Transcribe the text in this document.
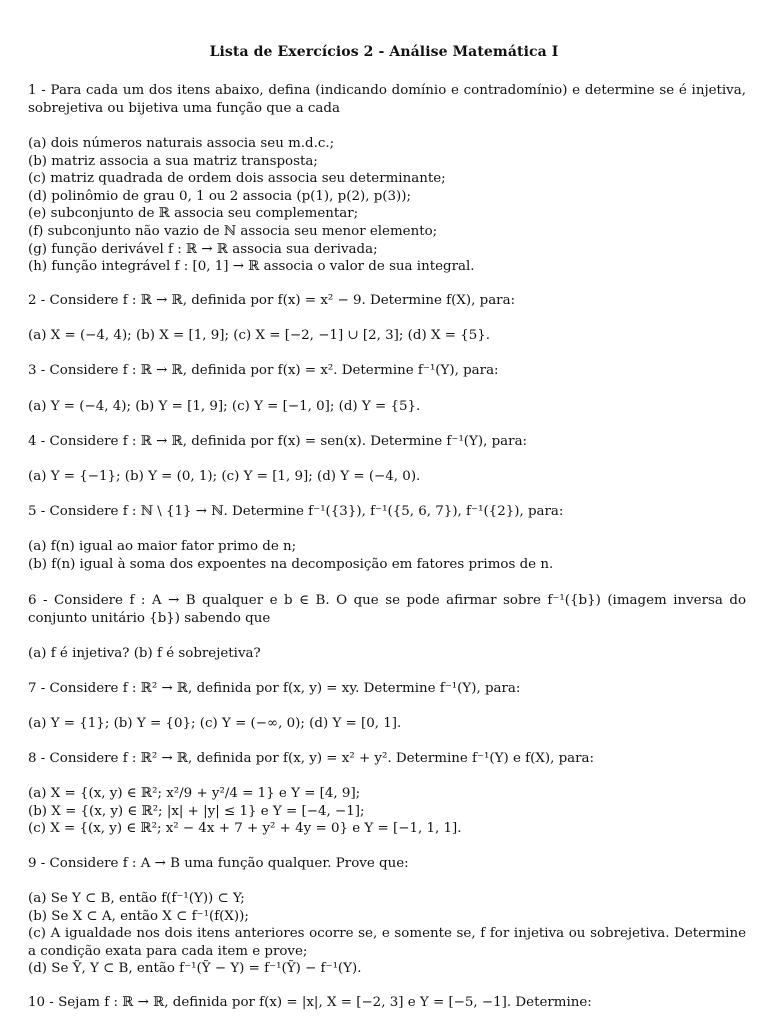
Lista de Exercícios 2 - Análise Matemática I
1 - Para cada um dos itens abaixo, defina (indicando domínio e contradomínio) e determine se é injetiva, sobrejetiva ou bijetiva uma função que a cada
(a) dois números naturais associa seu m.d.c.;
(b) matriz associa a sua matriz transposta;
(c) matriz quadrada de ordem dois associa seu determinante;
(d) polinômio de grau 0, 1 ou 2 associa (p(1), p(2), p(3));
(e) subconjunto de ℝ associa seu complementar;
(f) subconjunto não vazio de ℕ associa seu menor elemento;
(g) função derivável f : ℝ → ℝ associa sua derivada;
(h) função integrável f : [0, 1] → ℝ associa o valor de sua integral.
2 - Considere f : ℝ → ℝ, definida por f(x) = x² − 9. Determine f(X), para:
(a) X = (−4, 4); (b) X = [1, 9]; (c) X = [−2, −1] ∪ [2, 3]; (d) X = {5}.
3 - Considere f : ℝ → ℝ, definida por f(x) = x². Determine f⁻¹(Y), para:
(a) Y = (−4, 4); (b) Y = [1, 9]; (c) Y = [−1, 0]; (d) Y = {5}.
4 - Considere f : ℝ → ℝ, definida por f(x) = sen(x). Determine f⁻¹(Y), para:
(a) Y = {−1}; (b) Y = (0, 1); (c) Y = [1, 9]; (d) Y = (−4, 0).
5 - Considere f : ℕ \ {1} → ℕ. Determine f⁻¹({3}), f⁻¹({5, 6, 7}), f⁻¹({2}), para:
(a) f(n) igual ao maior fator primo de n;
(b) f(n) igual à soma dos expoentes na decomposição em fatores primos de n.
6 - Considere f : A → B qualquer e b ∈ B. O que se pode afirmar sobre f⁻¹({b}) (imagem inversa do conjunto unitário {b}) sabendo que
(a) f é injetiva? (b) f é sobrejetiva?
7 - Considere f : ℝ² → ℝ, definida por f(x, y) = xy. Determine f⁻¹(Y), para:
(a) Y = {1}; (b) Y = {0}; (c) Y = (−∞, 0); (d) Y = [0, 1].
8 - Considere f : ℝ² → ℝ, definida por f(x, y) = x² + y². Determine f⁻¹(Y) e f(X), para:
(a) X = {(x, y) ∈ ℝ²; x²/9 + y²/4 = 1} e Y = [4, 9];
(b) X = {(x, y) ∈ ℝ²; |x| + |y| ≤ 1} e Y = [−4, −1];
(c) X = {(x, y) ∈ ℝ²; x² − 4x + 7 + y² + 4y = 0} e Y = [−1, 1, 1].
9 - Considere f : A → B uma função qualquer. Prove que:
(a) Se Y ⊂ B, então f(f⁻¹(Y)) ⊂ Y;
(b) Se X ⊂ A, então X ⊂ f⁻¹(f(X));
(c) A igualdade nos dois itens anteriores ocorre se, e somente se, f for injetiva ou sobrejetiva. Determine a condição exata para cada item e prove;
(d) Se Ỹ, Y ⊂ B, então f⁻¹(Ỹ − Y) = f⁻¹(Ỹ) − f⁻¹(Y).
10 - Sejam f : ℝ → ℝ, definida por f(x) = |x|, X = [−2, 3] e Y = [−5, −1]. Determine:
